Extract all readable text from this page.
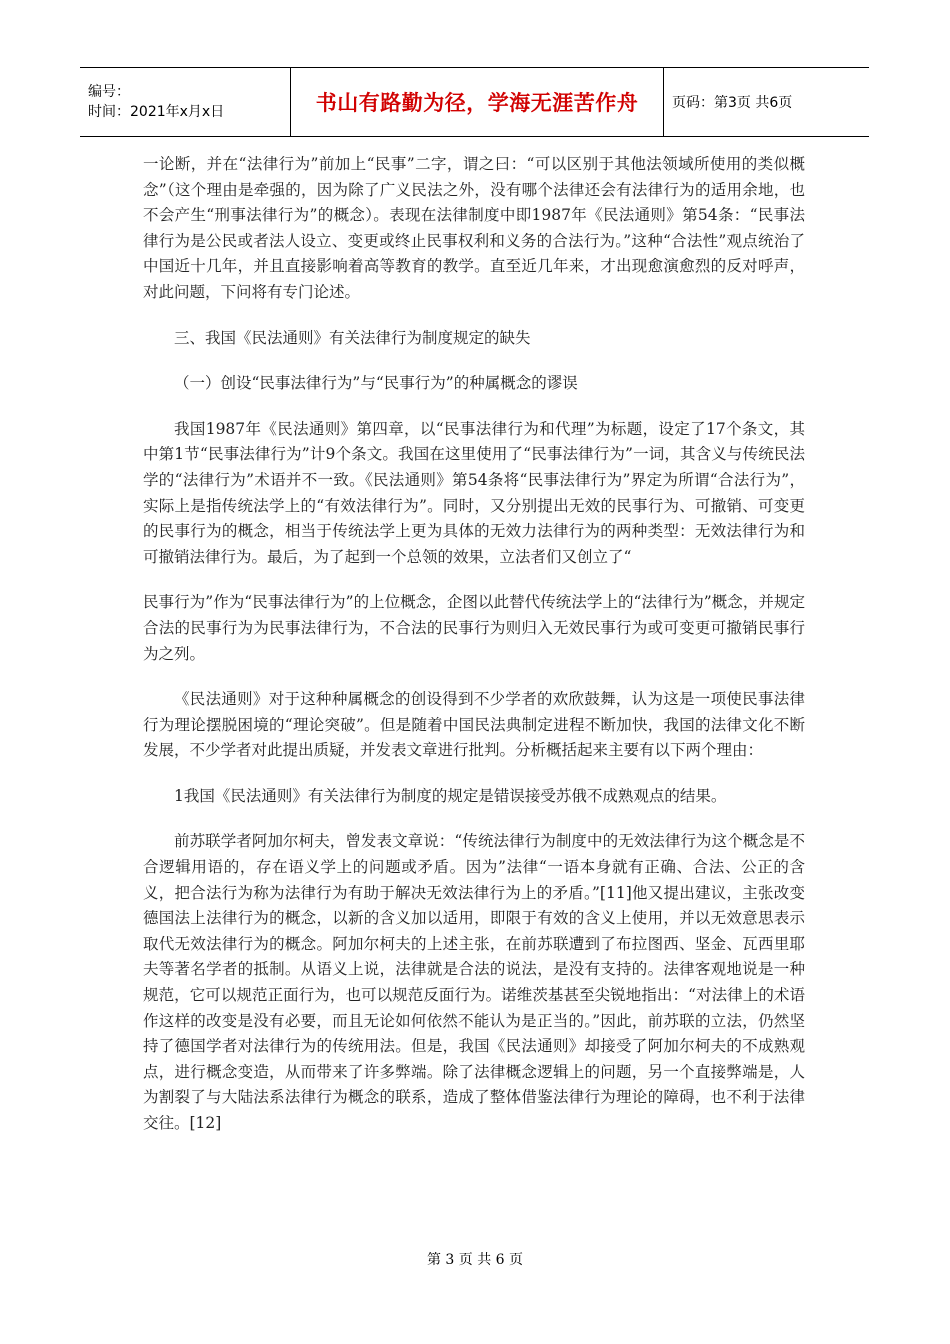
编号：
时间：2021年x月x日	书山有路勤为径，学海无涯苦作舟 页码：第3页 共6页

一论断，并在“法律行为”前加上“民事”二字，谓之曰：“可以区别于其他法领域所使用的类似概念”（这个理由是牵强的，因为除了广义民法之外，没有哪个法律还会有法律行为的适用余地，也不会产生“刑事法律行为”的概念）。表现在法律制度中即1987年《民法通则》第54条：“民事法律行为是公民或者法人设立、变更或终止民事权利和义务的合法行为。”这种“合法性”观点统治了中国近十几年，并且直接影响着高等教育的教学。直至近几年来，才出现愈演愈烈的反对呼声，对此问题，下问将有专门论述。

三、我国《民法通则》有关法律行为制度规定的缺失

（一）创设“民事法律行为”与“民事行为”的种属概念的谬误

我国1987年《民法通则》第四章，以“民事法律行为和代理”为标题，设定了17个条文，其中第1节“民事法律行为”计9个条文。我国在这里使用了“民事法律行为”一词，其含义与传统民法学的“法律行为”术语并不一致。《民法通则》第54条将“民事法律行为”界定为所谓“合法行为”，实际上是指传统法学上的“有效法律行为”。同时，又分别提出无效的民事行为、可撤销、可变更的民事行为的概念，相当于传统法学上更为具体的无效力法律行为的两种类型：无效法律行为和可撤销法律行为。最后，为了起到一个总领的效果，立法者们又创立了“

民事行为”作为“民事法律行为”的上位概念，企图以此替代传统法学上的“法律行为”概念，并规定合法的民事行为为民事法律行为，不合法的民事行为则归入无效民事行为或可变更可撤销民事行为之列。

《民法通则》对于这种种属概念的创设得到不少学者的欢欣鼓舞，认为这是一项使民事法律行为理论摆脱困境的“理论突破”。但是随着中国民法典制定进程不断加快，我国的法律文化不断发展，不少学者对此提出质疑，并发表文章进行批判。分析概括起来主要有以下两个理由：

1我国《民法通则》有关法律行为制度的规定是错误接受苏俄不成熟观点的结果。

前苏联学者阿加尔柯夫，曾发表文章说：“传统法律行为制度中的无效法律行为这个概念是不合逻辑用语的，存在语义学上的问题或矛盾。因为”法律“一语本身就有正确、合法、公正的含义，把合法行为称为法律行为有助于解决无效法律行为上的矛盾。”[11]他又提出建议，主张改变德国法上法律行为的概念，以新的含义加以适用，即限于有效的含义上使用，并以无效意思表示取代无效法律行为的概念。阿加尔柯夫的上述主张，在前苏联遭到了布拉图西、坚金、瓦西里耶夫等著名学者的抵制。从语义上说，法律就是合法的说法，是没有支持的。法律客观地说是一种规范，它可以规范正面行为，也可以规范反面行为。诺维茨基甚至尖锐地指出：“对法律上的术语作这样的改变是没有必要，而且无论如何依然不能认为是正当的。”因此，前苏联的立法，仍然坚持了德国学者对法律行为的传统用法。但是，我国《民法通则》却接受了阿加尔柯夫的不成熟观点，进行概念变造，从而带来了许多弊端。除了法律概念逻辑上的问题，另一个直接弊端是，人为割裂了与大陆法系法律行为概念的联系，造成了整体借鉴法律行为理论的障碍，也不利于法律交往。[12]

第 3 页 共 6 页
